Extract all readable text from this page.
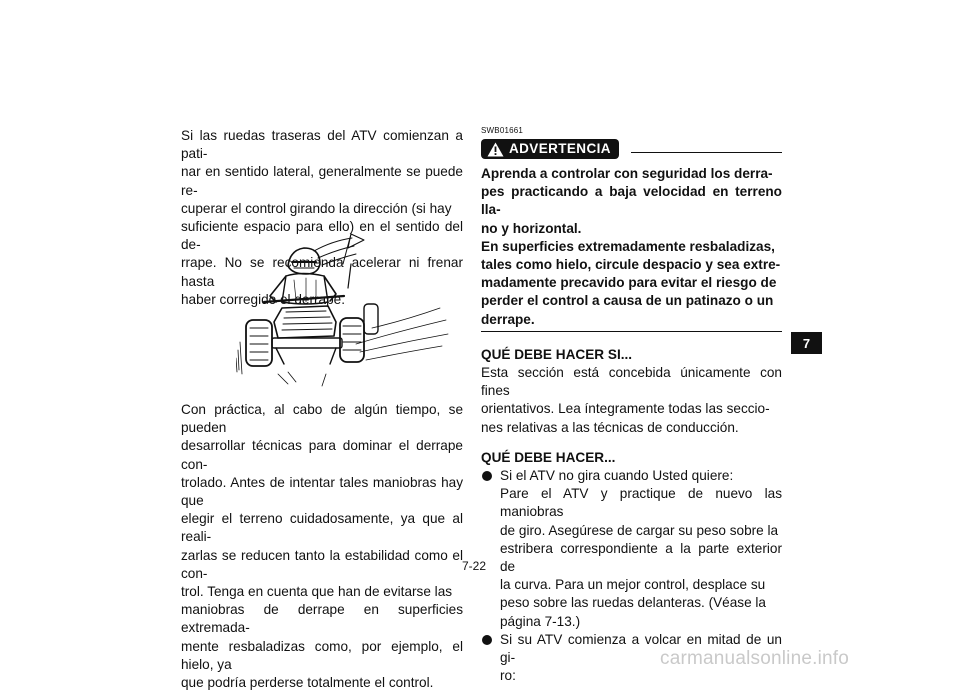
Si las ruedas traseras del ATV comienzan a pati-
nar en sentido lateral, generalmente se puede re-
cuperar el control girando la dirección (si hay
suficiente espacio para ello) en el sentido del de-
rrape. No se recomienda acelerar ni frenar hasta
haber corregido el derrape.
Con práctica, al cabo de algún tiempo, se pueden
desarrollar técnicas para dominar el derrape con-
trolado. Antes de intentar tales maniobras hay que
elegir el terreno cuidadosamente, ya que al reali-
zarlas se reducen tanto la estabilidad como el con-
trol. Tenga en cuenta que han de evitarse las
maniobras de derrape en superficies extremada-
mente resbaladizas como, por ejemplo, el hielo, ya
que podría perderse totalmente el control.
SWB01661
ADVERTENCIA
Aprenda a controlar con seguridad los derra-
pes practicando a baja velocidad en terreno lla-
no y horizontal.
En superficies extremadamente resbaladizas,
tales como hielo, circule despacio y sea extre-
madamente precavido para evitar el riesgo de
perder el control a causa de un patinazo o un
derrape.
QUÉ DEBE HACER SI...
Esta sección está concebida únicamente con fines
orientativos. Lea íntegramente todas las seccio-
nes relativas a las técnicas de conducción.
QUÉ DEBE HACER...
Si el ATV no gira cuando Usted quiere:
Pare el ATV y practique de nuevo las maniobras
de giro. Asegúrese de cargar su peso sobre la
estribera correspondiente a la parte exterior de
la curva. Para un mejor control, desplace su
peso sobre las ruedas delanteras. (Véase la
página 7-13.)
Si su ATV comienza a volcar en mitad de un gi-
ro:
7-22
7
carmanualsonline.info
